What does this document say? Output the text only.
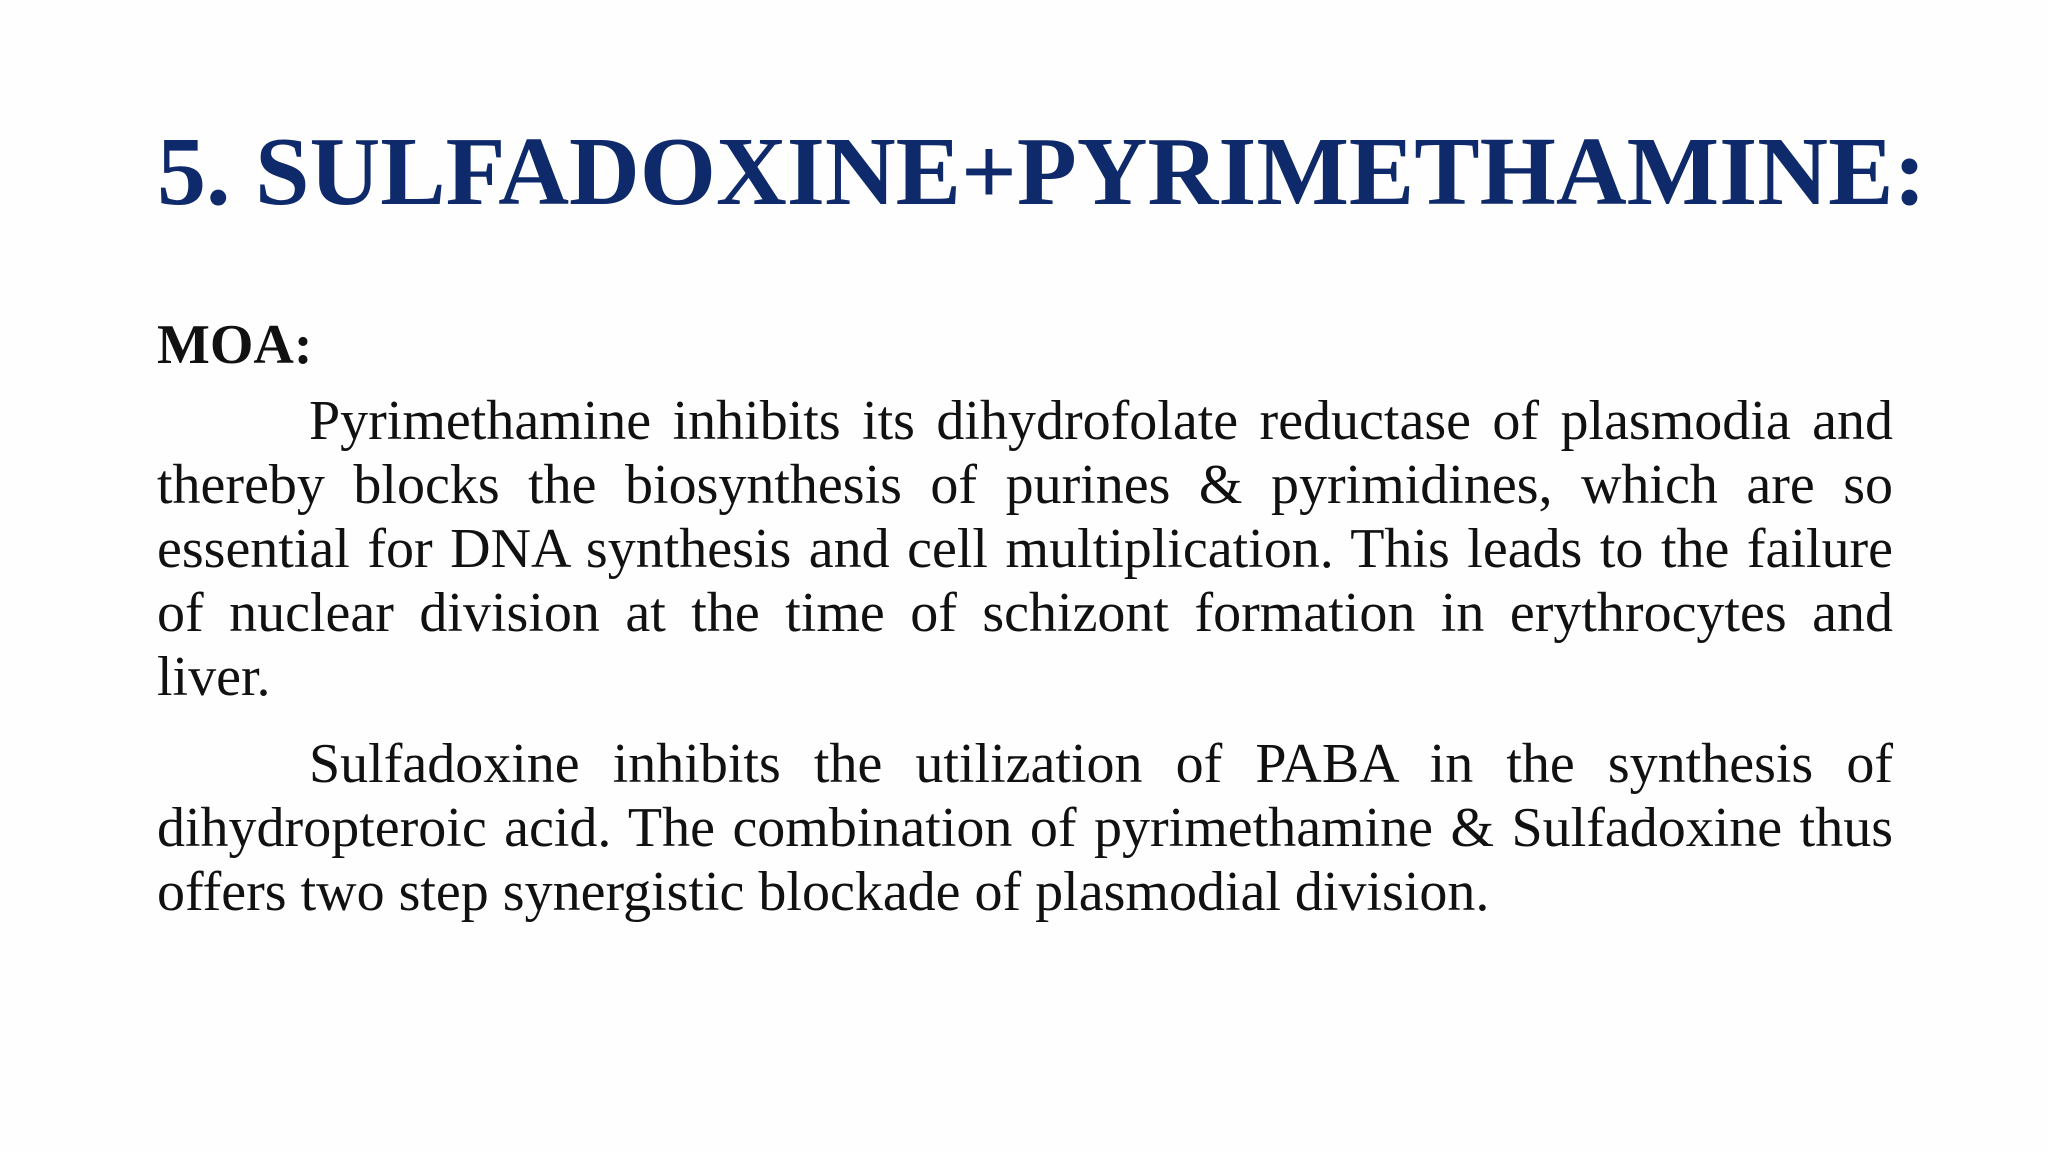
5. SULFADOXINE+PYRIMETHAMINE:

MOA:

Pyrimethamine inhibits its dihydrofolate reductase of plasmodia and thereby blocks the biosynthesis of purines & pyrimidines, which are so essential for DNA synthesis and cell multiplication. This leads to the failure of nuclear division at the time of schizont formation in erythrocytes and liver.

Sulfadoxine inhibits the utilization of PABA in the synthesis of dihydropteroic acid. The combination of pyrimethamine & Sulfadoxine thus offers two step synergistic blockade of plasmodial division.
